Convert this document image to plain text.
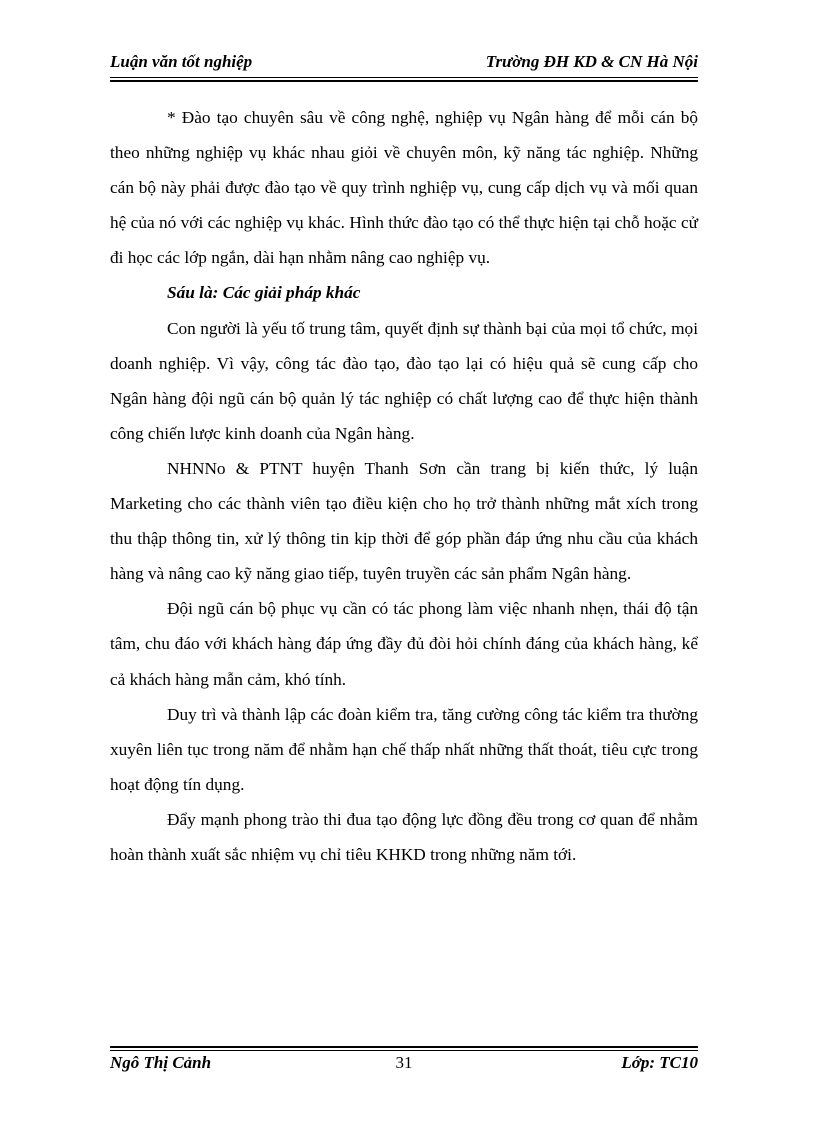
Luận văn tốt nghiệp	Trường ĐH KD & CN Hà Nội

* Đào tạo chuyên sâu về công nghệ, nghiệp vụ Ngân hàng để mỗi cán bộ theo những nghiệp vụ khác nhau giỏi về chuyên môn, kỹ năng tác nghiệp. Những cán bộ này phải được đào tạo về quy trình nghiệp vụ, cung cấp dịch vụ và mối quan hệ của nó với các nghiệp vụ khác. Hình thức đào tạo có thể thực hiện tại chỗ hoặc cử đi học các lớp ngắn, dài hạn nhằm nâng cao nghiệp vụ.

Sáu là: Các giải pháp khác

Con người là yếu tố trung tâm, quyết định sự thành bại của mọi tổ chức, mọi doanh nghiệp. Vì vậy, công tác đào tạo, đào tạo lại có hiệu quả sẽ cung cấp cho Ngân hàng đội ngũ cán bộ quản lý tác nghiệp có chất lượng cao để thực hiện thành công chiến lược kinh doanh của Ngân hàng.

NHNNo & PTNT huyện Thanh Sơn cần trang bị kiến thức, lý luận Marketing cho các thành viên tạo điều kiện cho họ trở thành những mắt xích trong thu thập thông tin, xử lý thông tin kịp thời để góp phần đáp ứng nhu cầu của khách hàng và nâng cao kỹ năng giao tiếp, tuyên truyền các sản phẩm Ngân hàng.

Đội ngũ cán bộ phục vụ cần có tác phong làm việc nhanh nhẹn, thái độ tận tâm, chu đáo với khách hàng đáp ứng đầy đủ đòi hỏi chính đáng của khách hàng, kể cả khách hàng mẫn cảm, khó tính.

Duy trì và thành lập các đoàn kiểm tra, tăng cường công tác kiểm tra thường xuyên liên tục trong năm để nhằm hạn chế thấp nhất những thất thoát, tiêu cực trong hoạt động tín dụng.

Đẩy mạnh phong trào thi đua tạo động lực đồng đều trong cơ quan để nhằm hoàn thành xuất sắc nhiệm vụ chỉ tiêu KHKD trong những năm tới.

Ngô Thị Cảnh	31	Lớp: TC10
